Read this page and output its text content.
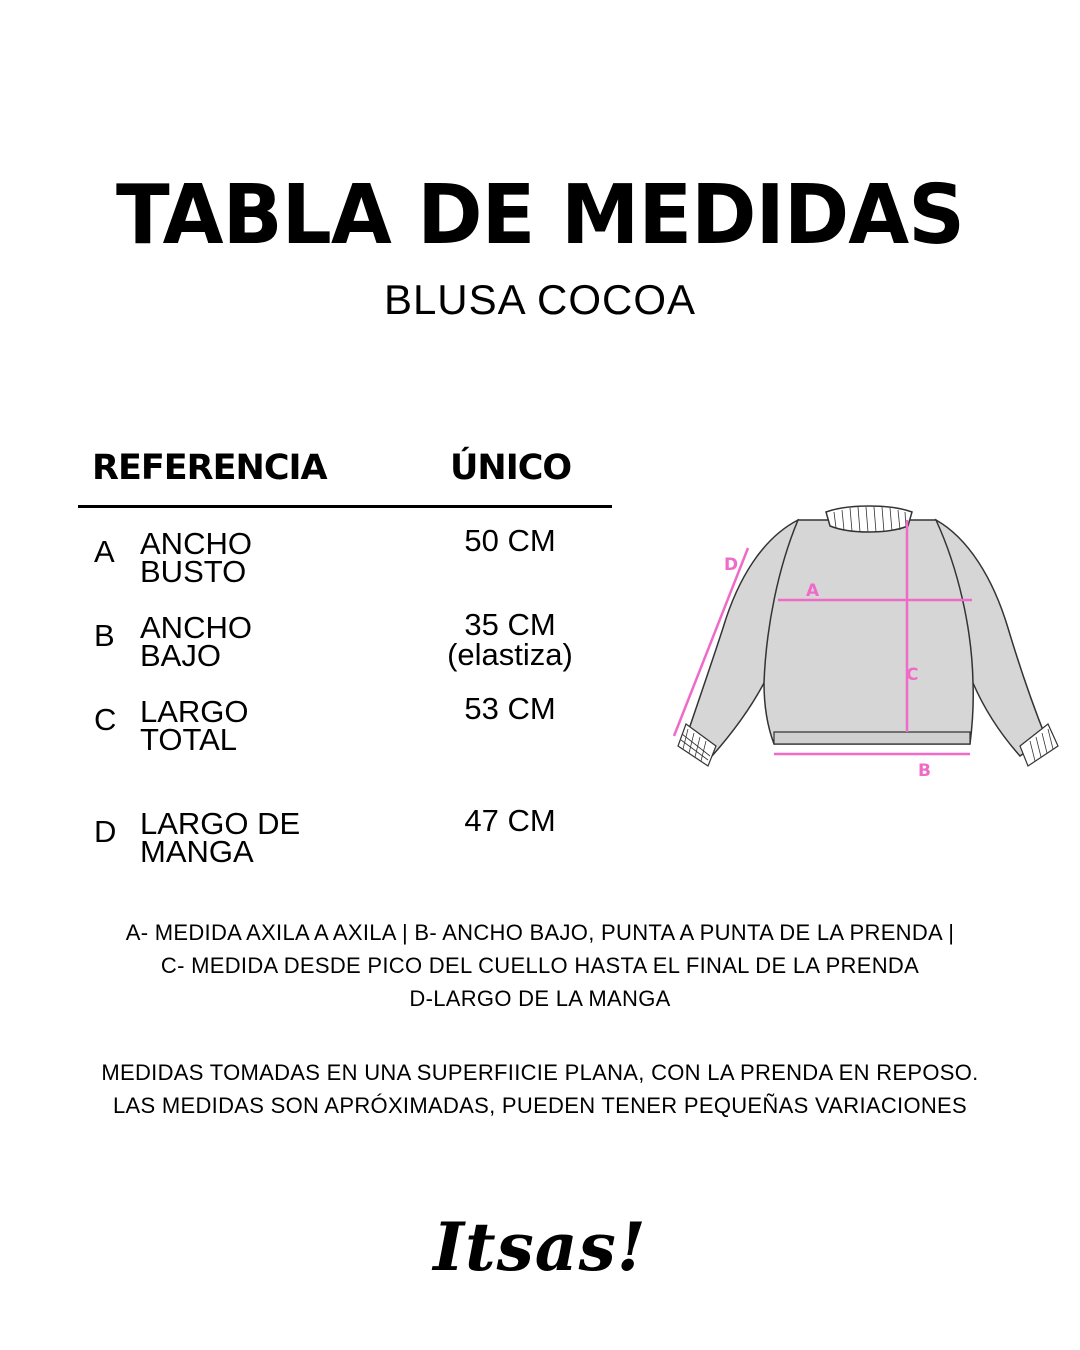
TABLA DE MEDIDAS
BLUSA COCOA
REFERENCIA	ÚNICO
A ANCHO
BUSTO
50 CM
B ANCHO
BAJO
35 CM
(elastiza)
C LARGO
TOTAL
53 CM
D LARGO DE
MANGA
47 CM
A
B
C
D

A- MEDIDA AXILA A AXILA | B- ANCHO BAJO, PUNTA A PUNTA DE LA PRENDA |

C- MEDIDA DESDE PICO DEL CUELLO HASTA EL FINAL DE LA PRENDA

D-LARGO DE LA MANGA

MEDIDAS TOMADAS EN UNA SUPERFIICIE PLANA, CON LA PRENDA EN REPOSO.

LAS MEDIDAS SON APRÓXIMADAS, PUEDEN TENER PEQUEÑAS VARIACIONES

Itsas!
